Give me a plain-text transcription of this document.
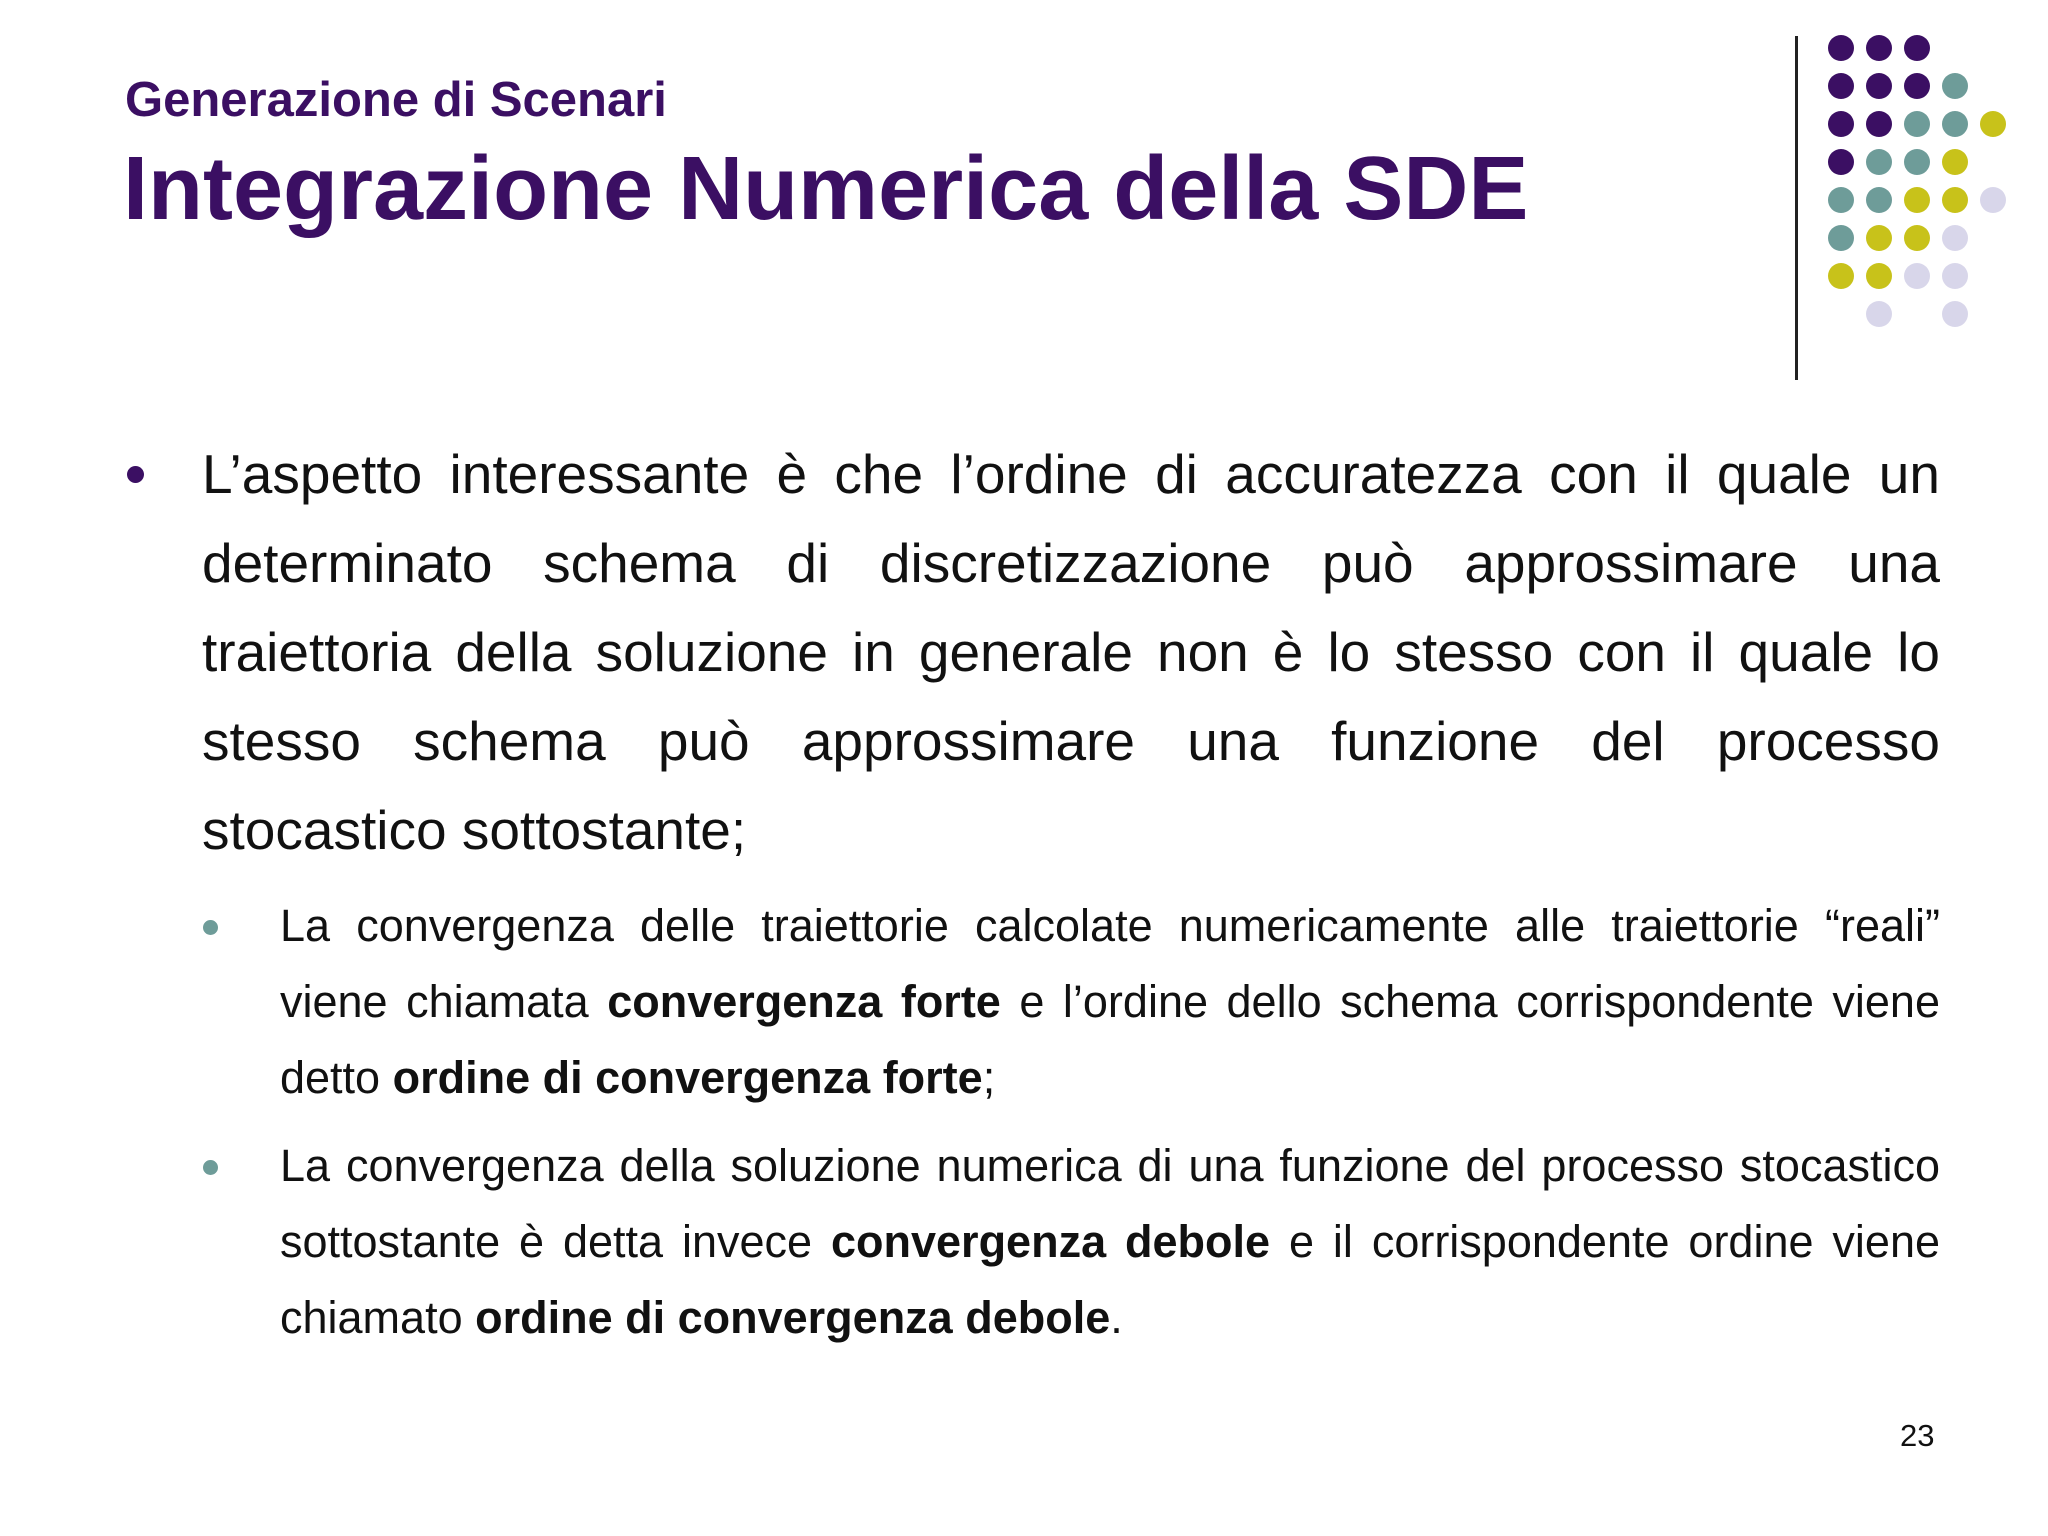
Generazione di Scenari
Integrazione Numerica della SDE
L’aspetto interessante è che l’ordine di accuratezza con il quale un determinato schema di discretizzazione può approssimare una traiettoria della soluzione in generale non è lo stesso con il quale lo stesso schema può approssimare una funzione del processo stocastico sottostante;
La convergenza delle traiettorie calcolate numericamente alle traiettorie “reali” viene chiamata convergenza forte e l’ordine dello schema corrispondente viene detto ordine di convergenza forte;
La convergenza della soluzione numerica di una funzione del processo stocastico sottostante è detta invece convergenza debole e il corrispondente ordine viene chiamato ordine di convergenza debole.
23
